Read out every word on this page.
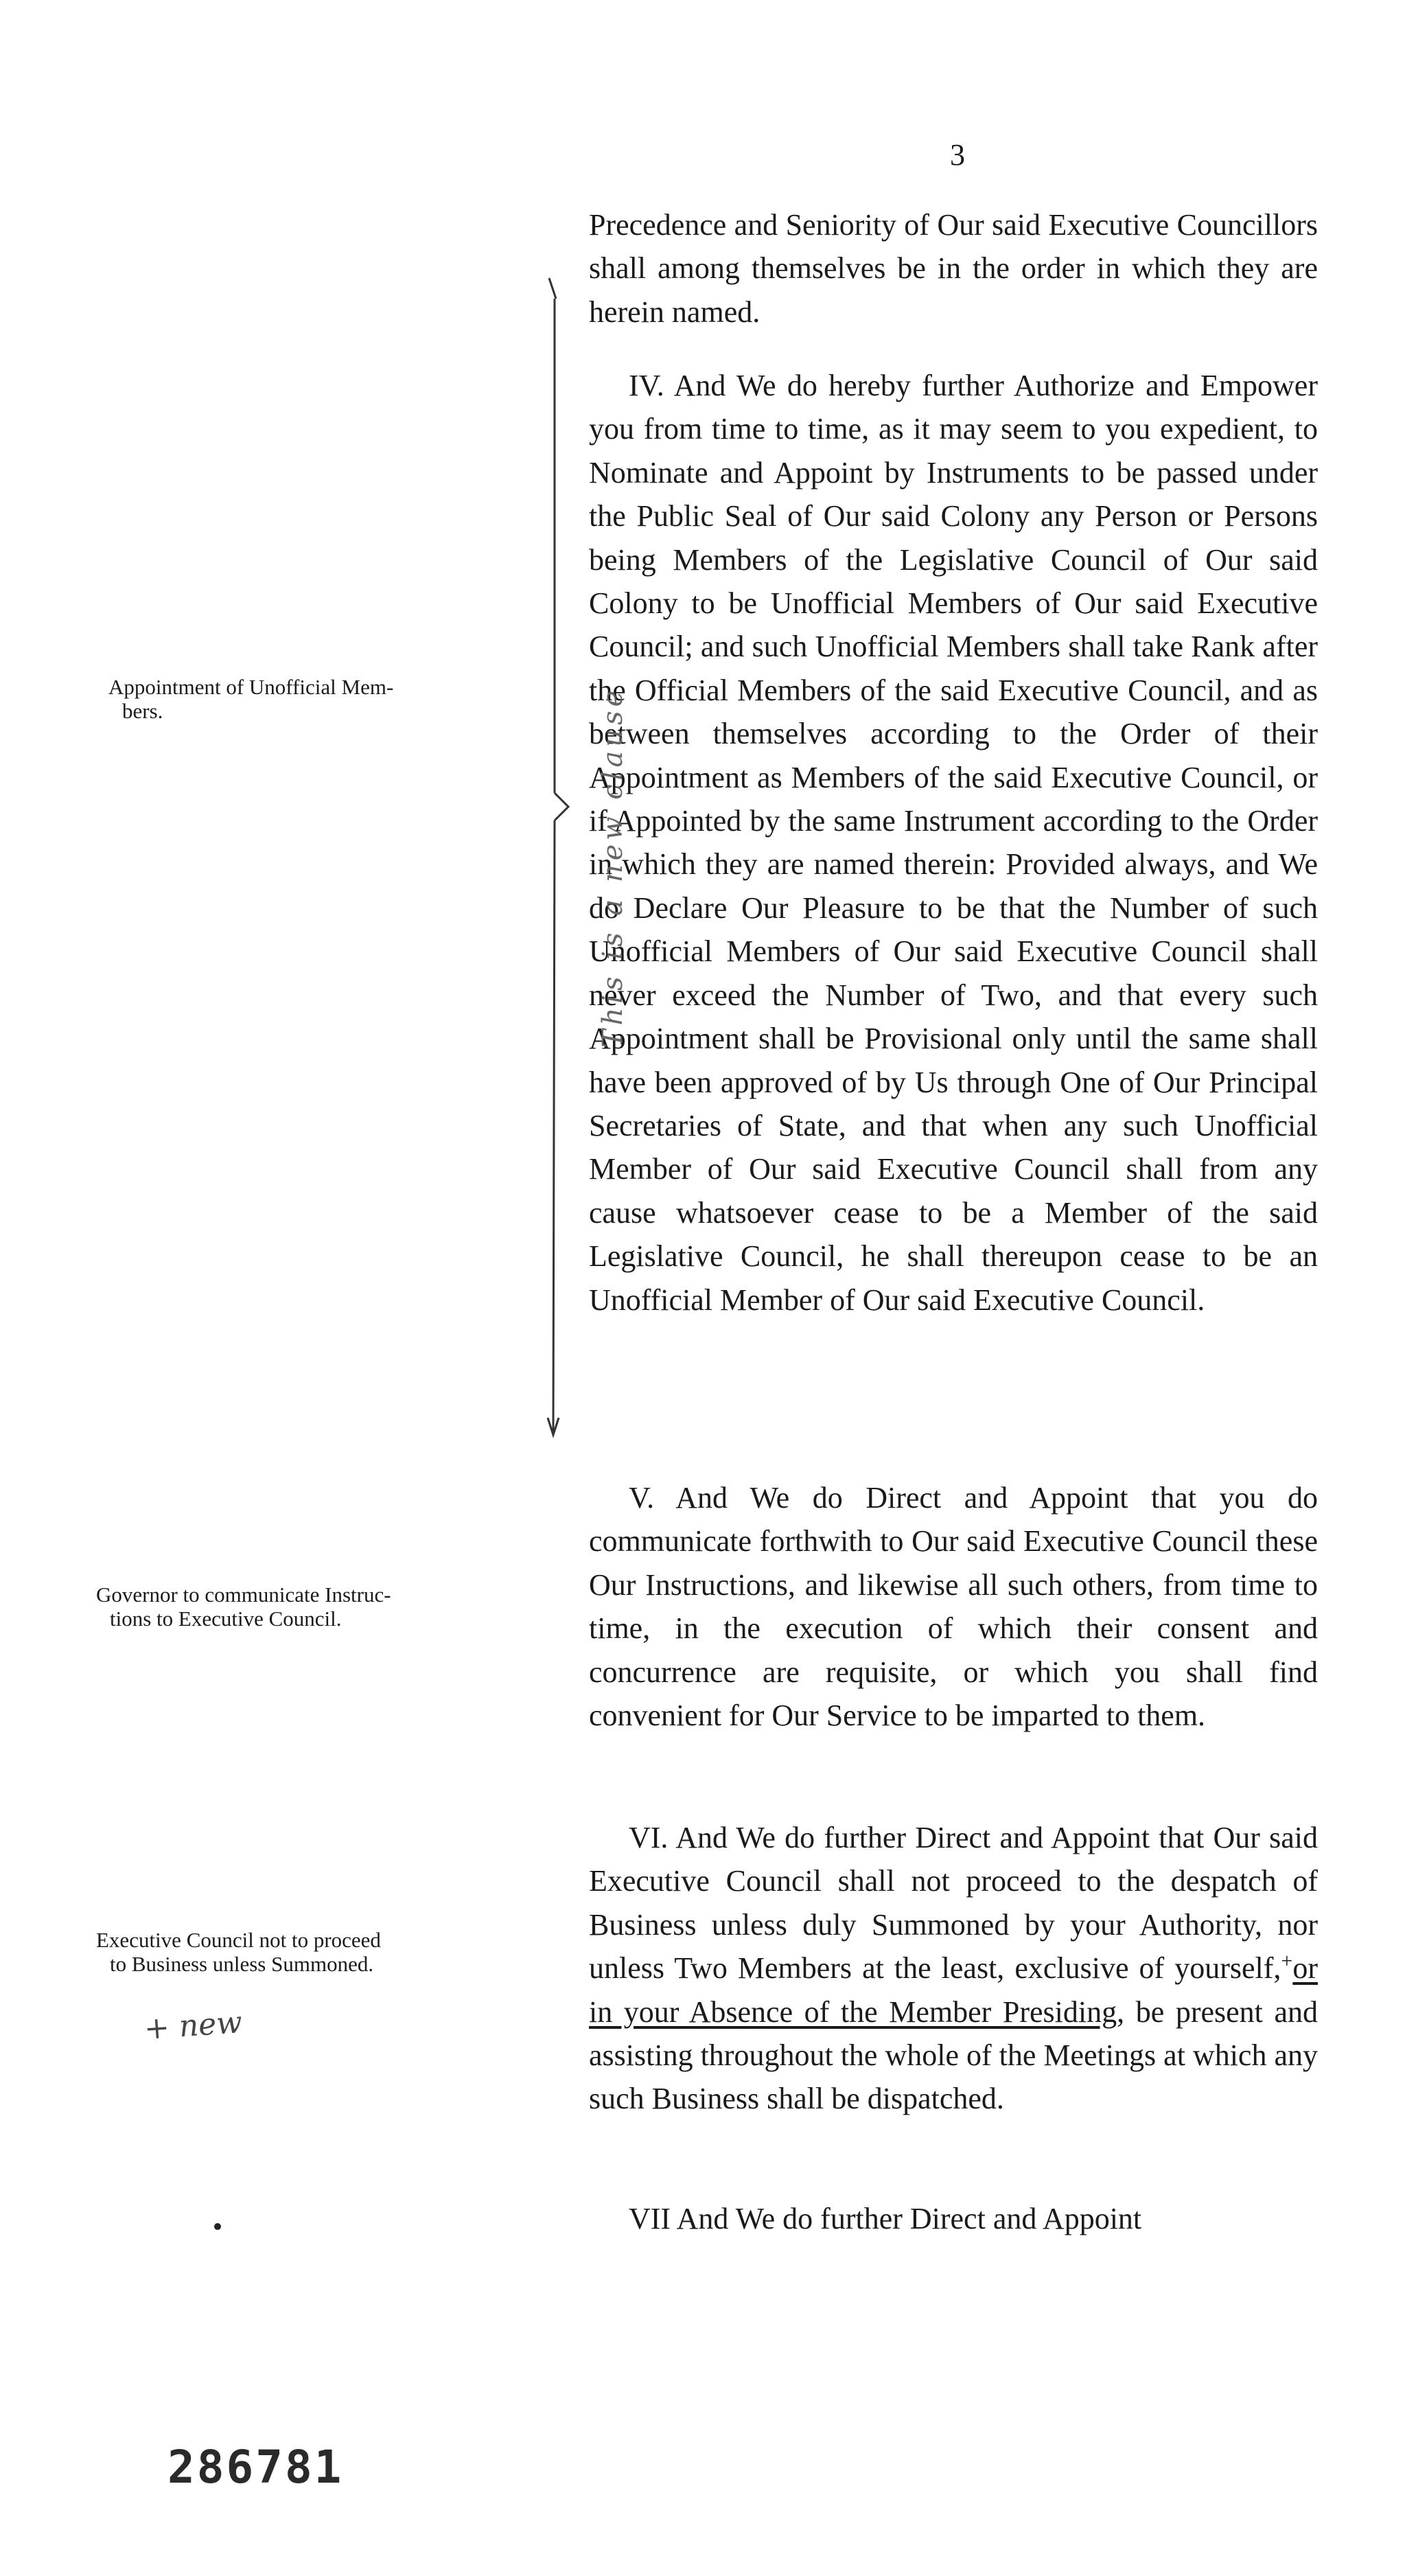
3

Precedence and Seniority of Our said Executive Councillors shall among themselves be in the order in which they are herein named.

IV. And We do hereby further Authorize and Empower you from time to time, as it may seem to you expedient, to Nominate and Appoint by Instruments to be passed under the Public Seal of Our said Colony any Person or Persons being Members of the Legislative Council of Our said Colony to be Unofficial Members of Our said Executive Council; and such Unofficial Members shall take Rank after the Official Members of the said Executive Council, and as between themselves according to the Order of their Appointment as Members of the said Executive Council, or if Appointed by the same Instrument according to the Order in which they are named therein: Provided always, and We do Declare Our Pleasure to be that the Number of such Unofficial Members of Our said Executive Council shall never exceed the Number of Two, and that every such Appointment shall be Provisional only until the same shall have been approved of by Us through One of Our Principal Secretaries of State, and that when any such Unofficial Member of Our said Executive Council shall from any cause whatsoever cease to be a Member of the said Legislative Council, he shall thereupon cease to be an Unofficial Member of Our said Executive Council.

V. And We do Direct and Appoint that you do communicate forthwith to Our said Executive Council these Our Instructions, and likewise all such others, from time to time, in the execution of which their consent and concurrence are requisite, or which you shall find convenient for Our Service to be imparted to them.

VI. And We do further Direct and Appoint that Our said Executive Council shall not proceed to the despatch of Business unless duly Summoned by your Authority, nor unless Two Members at the least, exclusive of yourself,+or in your Absence of the Member Presiding, be present and assisting throughout the whole of the Meetings at which any such Business shall be dispatched.

VII And We do further Direct and Appoint

Appointment of Unofficial Mem-
bers.
Governor to communicate Instruc-
tions to Executive Council.
Executive Council not to proceed
to Business unless Summoned.
This is a new clause
+ new
286781
